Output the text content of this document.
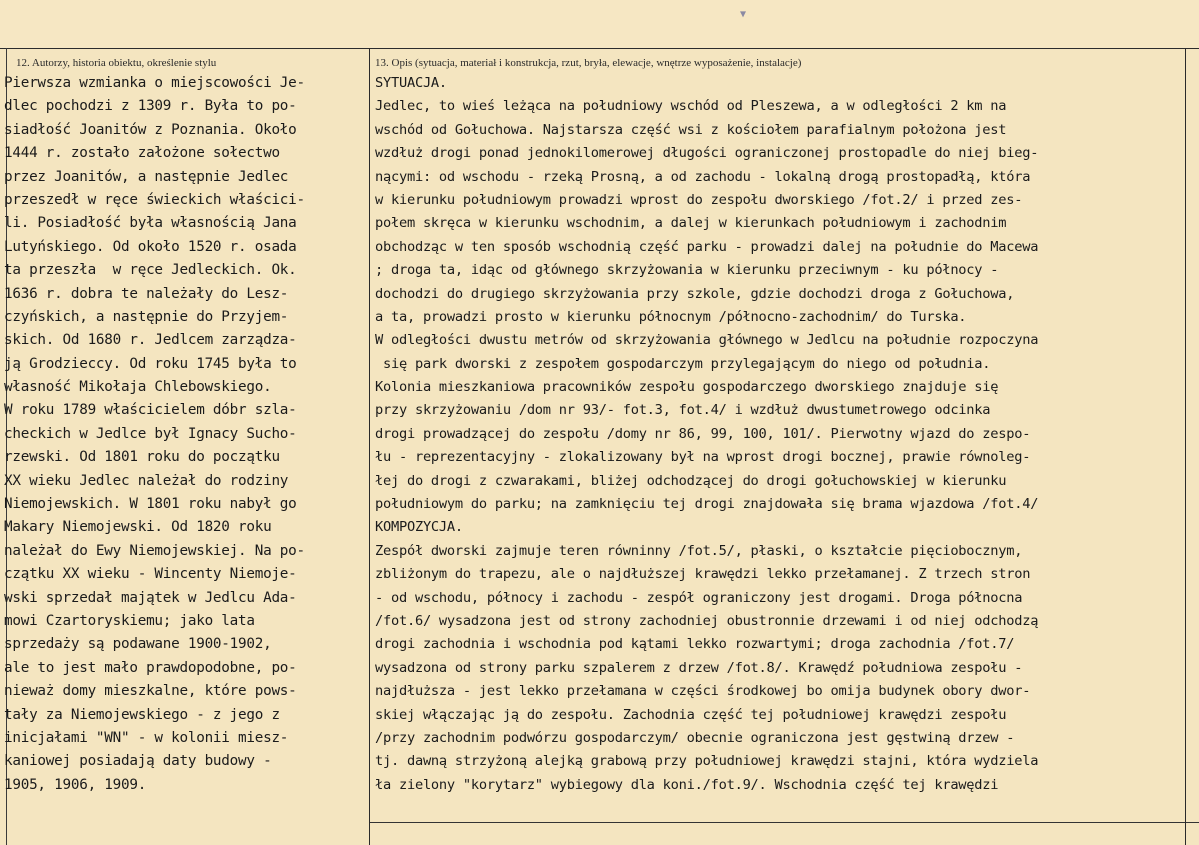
▼
12. Autorzy, historia obiektu, określenie stylu	13. Opis (sytuacja, materiał i konstrukcja, rzut, bryła, elewacje, wnętrze wyposażenie, instalacje)
Pierwsza wzmianka o miejscowości Je-
dlec pochodzi z 1309 r. Była to po-
siadłość Joanitów z Poznania. Około
1444 r. zostało założone sołectwo
przez Joanitów, a następnie Jedlec
przeszedł w ręce świeckich właścici-
li. Posiadłość była własnością Jana
Lutyńskiego. Od około 1520 r. osada
ta przeszła  w ręce Jedleckich. Ok.
1636 r. dobra te należały do Lesz-
czyńskich, a następnie do Przyjem-
skich. Od 1680 r. Jedlcem zarządza-
ją Grodzieccy. Od roku 1745 była to
własność Mikołaja Chlebowskiego.
W roku 1789 właścicielem dóbr szla-
checkich w Jedlce był Ignacy Sucho-
rzewski. Od 1801 roku do początku
XX wieku Jedlec należał do rodziny
Niemojewskich. W 1801 roku nabył go
Makary Niemojewski. Od 1820 roku
należał do Ewy Niemojewskiej. Na po-
czątku XX wieku - Wincenty Niemoje-
wski sprzedał majątek w Jedlcu Ada-
mowi Czartoryskiemu; jako lata
sprzedaży są podawane 1900-1902,
ale to jest mało prawdopodobne, po-
nieważ domy mieszkalne, które pows-
tały za Niemojewskiego - z jego z
inicjałami "WN" - w kolonii miesz-
kaniowej posiadają daty budowy -
1905, 1906, 1909.
SYTUACJA.
Jedlec, to wieś leżąca na południowy wschód od Pleszewa, a w odległości 2 km na
wschód od Gołuchowa. Najstarsza część wsi z kościołem parafialnym położona jest
wzdłuż drogi ponad jednokilomerowej długości ograniczonej prostopadle do niej bieg-
nącymi: od wschodu - rzeką Prosną, a od zachodu - lokalną drogą prostopadłą, która
w kierunku południowym prowadzi wprost do zespołu dworskiego /fot.2/ i przed zes-
połem skręca w kierunku wschodnim, a dalej w kierunkach południowym i zachodnim
obchodząc w ten sposób wschodnią część parku - prowadzi dalej na południe do Macewa
; droga ta, idąc od głównego skrzyżowania w kierunku przeciwnym - ku północy -
dochodzi do drugiego skrzyżowania przy szkole, gdzie dochodzi droga z Gołuchowa,
a ta, prowadzi prosto w kierunku północnym /północno-zachodnim/ do Turska.
W odległości dwustu metrów od skrzyżowania głównego w Jedlcu na południe rozpoczyna
się park dworski z zespołem gospodarczym przylegającym do niego od południa.
Kolonia mieszkaniowa pracowników zespołu gospodarczego dworskiego znajduje się
przy skrzyżowaniu /dom nr 93/- fot.3, fot.4/ i wzdłuż dwustumetrowego odcinka
drogi prowadzącej do zespołu /domy nr 86, 99, 100, 101/. Pierwotny wjazd do zespo-
łu - reprezentacyjny - zlokalizowany był na wprost drogi bocznej, prawie równoleg-
łej do drogi z czwarakami, bliżej odchodzącej do drogi gołuchowskiej w kierunku
południowym do parku; na zamknięciu tej drogi znajdowała się brama wjazdowa /fot.4/
KOMPOZYCJA.
Zespół dworski zajmuje teren równinny /fot.5/, płaski, o kształcie pięciobocznym,
zbliżonym do trapezu, ale o najdłuższej krawędzi lekko przełamanej. Z trzech stron
- od wschodu, północy i zachodu - zespół ograniczony jest drogami. Droga północna
/fot.6/ wysadzona jest od strony zachodniej obustronnie drzewami i od niej odchodzą
drogi zachodnia i wschodnia pod kątami lekko rozwartymi; droga zachodnia /fot.7/
wysadzona od strony parku szpalerem z drzew /fot.8/. Krawędź południowa zespołu -
najdłuższa - jest lekko przełamana w części środkowej bo omija budynek obory dwor-
skiej włączając ją do zespołu. Zachodnia część tej południowej krawędzi zespołu
/przy zachodnim podwórzu gospodarczym/ obecnie ograniczona jest gęstwiną drzew -
tj. dawną strzyżoną alejką grabową przy południowej krawędzi stajni, która wydziela
ła zielony "korytarz" wybiegowy dla koni./fot.9/. Wschodnia część tej krawędzi
